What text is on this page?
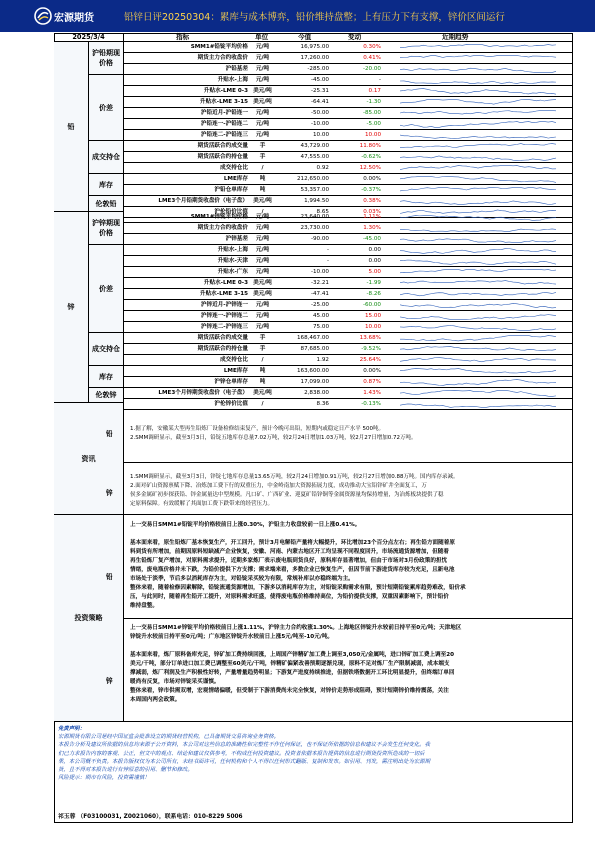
宏源期货	铅锌日评20250304：累库与成本博弈，铅价维持盘整；上有压力下有支撑，锌价区间运行
2025/3/4	指标	单位	今值	变动	近期趋势
铅
锌
沪铅期现价格
价差
成交持仓
库存
伦敦铅
沪锌期现价格
价差
成交持仓
库存
伦敦锌
SMM1#铅锭平均价格	元/吨	16,975.00	0.30%
期货主力合约收盘价	元/吨	17,260.00	0.41%
沪铅基差	元/吨	-285.00	-20.00
升贴水-上海	元/吨	-45.00	-
升贴水-LME 0-3 美元/吨	-25.31	0.17
升贴水-LME 3-15 美元/吨	-64.41	-1.30
沪铅近月-沪铅连一	元/吨	-50.00	-85.00
沪铅连一-沪铅连二	元/吨	-10.00	-5.00
沪铅连二-沪铅连三	元/吨	10.00	10.00
期货活跃合约成交量	手	43,729.00	11.80%
期货活跃合约持仓量	手	47,555.00	-0.62%
成交持仓比	/	0.92	12.50%
LME库存	吨	212,650.00	0.00%
沪铅仓单库存	吨	53,357.00	-0.37%
LME3个月铅期货收盘价（电子盘） 美元/吨	1,994.50	0.38%
沪伦铅价比值	/	8.65	0.03%
SMM1#锌锭平均价格	元/吨	23,640.00	1.11%
期货主力合约收盘价	元/吨	23,730.00	1.30%
沪锌基差	元/吨	-90.00	-45.00
升贴水-上海	元/吨	-	0.00
升贴水-天津	元/吨	-	0.00
升贴水-广东	元/吨	-10.00	5.00
升贴水-LME 0-3 美元/吨	-32.21	-1.99
升贴水-LME 3-15 美元/吨	-47.41	-8.26
沪锌近月-沪锌连一	元/吨	-25.00	-60.00
沪锌连一-沪锌连二	元/吨	45.00	15.00
沪锌连二-沪锌连三	元/吨	75.00	10.00
期货活跃合约成交量	手	168,467.00	13.68%
期货活跃合约持仓量	手	87,685.00	-9.52%
成交持仓比	/	1.92	25.64%
LME库存	吨	163,600.00	0.00%
沪锌仓单库存	吨	17,099.00	0.87%
LME3个月锌期货收盘价（电子盘） 美元/吨	2,838.00	1.43%
沪伦锌价比值	/	8.36	-0.13%
资讯
铅
锌
1.据了解，安徽某大型再生铅炼厂设备检修结束复产，预计今晚可出铅，短期内或稳定日产水平 500吨。
2.SMM调研显示，截至3月3日，铅锭五地库存总量7.02万吨，较2月24日增加1.03万吨，较2月27日增加0.72万吨。
1.SMM调研显示，截至3月3日，锌锭七地库存总量13.65万吨，较2月24日增加0.91万吨，较2月27日增加0.88万吨。国内库存录减。
2.面对矿山资源禀赋下降、冶炼加工费下行的双重压力，中金岭南加大资源拓展力度，成功推动大宝铅锌矿井全面复工，万
侯多金属矿初步探获铅、锌金属量达中型规模。凡口矿、广西矿业、迎夏矿铅锌铜等金属资源量均保持增量，为冶炼板块提供了稳
定原料保障。有效缓解了其面加工费下跌带来的经营压力。
投资策略
铅
锌
上一交易日SMM1#铅锭平均价格较前日上涨0.30%，沪铅主力收盘较前一日上涨0.41%。
基本面来看，原生铅炼厂基本恢复生产，开工回升，预计3月电解铅产量将大幅提升，环比增加23个百分点左右；再生铅方面随着原
料到货有所增加，前期因原料短缺减产企业恢复，安徽、河南、内蒙古地区开工均呈现不同程度回升，市场流通货源增加，但随着
再生铅炼厂复产增加，对原料需求提升，近期多家炼厂表示废电瓶到货良好，原料库存显著增加，但由于市场对3月份政策的担忧
情绪，废电瓶价格并未下跌，为铅价提供下方支撑；需求端来看，多数企业已恢复生产，但因节前下游进货库存较为充足，且新电池
市场处于淡季，节后多以消耗库存为主，对铅锭采买较为有限，常规补库以亦稳终端为主。
整体来看，随着检修因素解除，铅锭流通货源增加，下游多以消耗库存为主，对铅锭采购需求有限，预计短期铅锭累库趋势难改，铅价承
压，与此同时，随着再生铅开工提升，对原料需求旺盛，使得废电瓶价格维持高位，为铅价提供支撑，双重因素影响下，预计铅价
维持盘整。
上一交易日SMM1#锌锭平均价格较前日上涨1.11%，沪锌主力合约收涨1.30%。上海地区锌锭升水较前日持平至0元/吨；天津地区
锌锭升水较前日持平至0元/吨；广东地区锌锭升水较前日上涨5元/吨至-10元/吨。
基本面来看，炼厂原料备库充足，锌矿加工费持续回涨，上周国产锌精矿加工费上调至3,050元/金属吨，进口锌矿加工费上调至20
美元/干吨，部分订单进口加工费已调整至60美元/干吨，锌精矿偏紧改善预期逐渐兑现，原料不足对炼厂生产限制减弱，成本端支
撑减弱，炼厂利润及生产积极性好转，产量增量趋势明显；下游复产进度持续推进，但据铁塔数据开工环比明显提升，但终端订单回
暖尚有反复，市场对锌锭采买谨慎。
整体来看，锌市供需双增，宏观情绪偏暖，但受制于下游消费尚未完全恢复，对锌价走势形成阻碍，预计短期锌价维持震荡，关注
本周国内两会政策。
免责声明：
宏源期货有限公司是经中国证监会批准设立的期货经营机构，已具备期货交易咨询业务资格。
本报告分析及建议所依据的信息均来源于公开资料，本公司对这些信息的准确性和完整性不作任何保证，也不保证所依据的信息和建议不会发生任何变化。我
们已力求报告内容的客观、公正，但文中的观点、结论和建议仅供参考，不构成任何投资建议。投资者依据本报告提供的信息进行期货投资所造成的一切后
果，本公司概不负责。本报告版权仅为本公司所有，未经书面许可，任何机构和个人不得以任何形式翻版、复制和发布。如引用、刊发，需注明出处为宏源期
货，且不得对本报告进行有悖原意的引用、删节和修改。
风险提示：期市有风险，投资需谨慎！
祁玉蓉 （F03100031, Z0021060），联系电话：010-8229 5006
